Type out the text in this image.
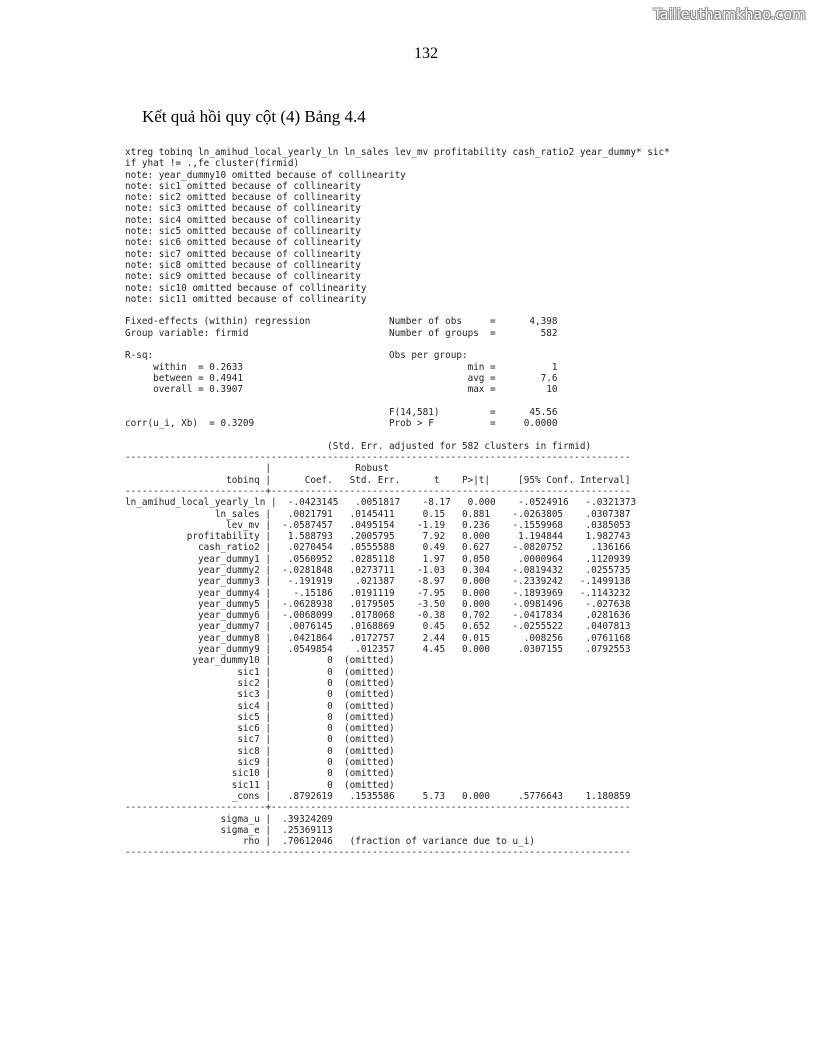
Tailieuthamkhao.com
132
Kết quả hồi quy cột (4) Bảng 4.4
xtreg tobinq ln_amihud_local_yearly_ln ln_sales lev_mv profitability cash_ratio2 year_dummy* sic*
if yhat != .,fe cluster(firmid)
note: year_dummy10 omitted because of collinearity
note: sic1 omitted because of collinearity
note: sic2 omitted because of collinearity
note: sic3 omitted because of collinearity
note: sic4 omitted because of collinearity
note: sic5 omitted because of collinearity
note: sic6 omitted because of collinearity
note: sic7 omitted because of collinearity
note: sic8 omitted because of collinearity
note: sic9 omitted because of collinearity
note: sic10 omitted because of collinearity
note: sic11 omitted because of collinearity
Fixed-effects (within) regression              Number of obs     =      4,398
Group variable: firmid                         Number of groups  =        582
R-sq:                                          Obs per group:
within  = 0.2633                                        min =          1
between = 0.4941                                        avg =        7.6
overall = 0.3907                                        max =         10
F(14,581)         =      45.56
corr(u_i, Xb)  = 0.3209                        Prob > F          =     0.0000
(Std. Err. adjusted for 582 clusters in firmid)
------------------------------------------------------------------------------------------
|               Robust
tobinq |      Coef.   Std. Err.      t    P>|t|     [95% Conf. Interval]
-------------------------+----------------------------------------------------------------
ln_amihud_local_yearly_ln |  -.0423145   .0051817    -8.17   0.000    -.0524916   -.0321373
ln_sales |   .0021791   .0145411     0.15   0.881    -.0263805    .0307387
lev_mv |  -.0587457   .0495154    -1.19   0.236    -.1559968    .0385053
profitability |   1.588793   .2005795     7.92   0.000     1.194844    1.982743
cash_ratio2 |   .0270454   .0555588     0.49   0.627    -.0820752     .136166
year_dummy1 |   .0560952   .0285118     1.97   0.050     .0000964    .1120939
year_dummy2 |  -.0281848   .0273711    -1.03   0.304    -.0819432    .0255735
year_dummy3 |   -.191919    .021387    -8.97   0.000    -.2339242   -.1499138
year_dummy4 |    -.15186   .0191119    -7.95   0.000    -.1893969   -.1143232
year_dummy5 |  -.0628938   .0179505    -3.50   0.000    -.0981496    -.027638
year_dummy6 |  -.0068099   .0178068    -0.38   0.702    -.0417834    .0281636
year_dummy7 |   .0076145   .0168869     0.45   0.652    -.0255522    .0407813
year_dummy8 |   .0421864   .0172757     2.44   0.015      .008256    .0761168
year_dummy9 |   .0549854    .012357     4.45   0.000     .0307155    .0792553
year_dummy10 |          0  (omitted)
sic1 |          0  (omitted)
sic2 |          0  (omitted)
sic3 |          0  (omitted)
sic4 |          0  (omitted)
sic5 |          0  (omitted)
sic6 |          0  (omitted)
sic7 |          0  (omitted)
sic8 |          0  (omitted)
sic9 |          0  (omitted)
sic10 |          0  (omitted)
sic11 |          0  (omitted)
_cons |   .8792619   .1535586     5.73   0.000     .5776643    1.180859
-------------------------+----------------------------------------------------------------
sigma_u |  .39324209
sigma_e |  .25369113
rho |  .70612046   (fraction of variance due to u_i)
------------------------------------------------------------------------------------------
